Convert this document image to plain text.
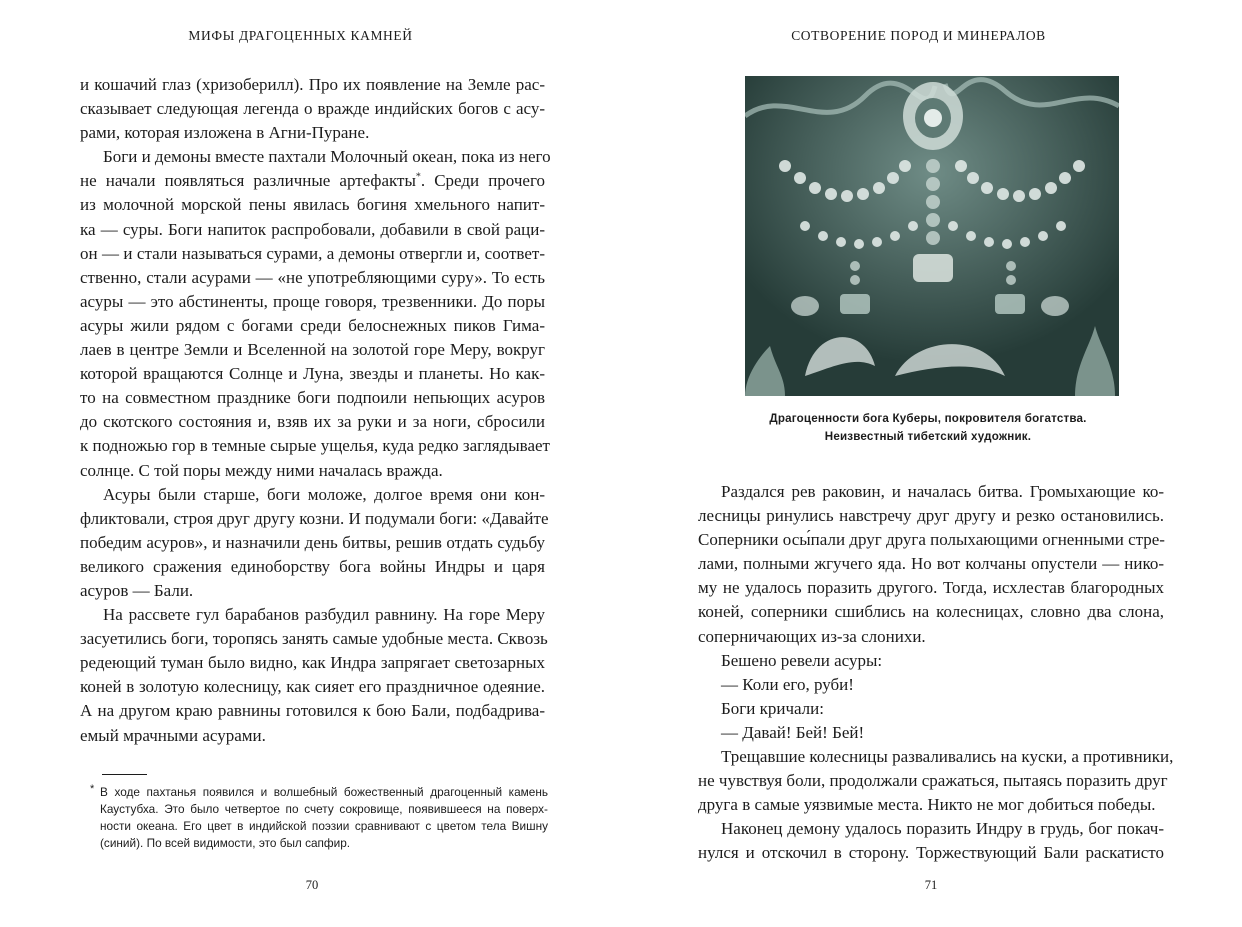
МИФЫ ДРАГОЦЕННЫХ КАМНЕЙ
и кошачий глаз (хризоберилл). Про их появление на Земле рас-
сказывает следующая легенда о вражде индийских богов с асу-
рами, которая изложена в Агни-Пуране.
Боги и демоны вместе пахтали Молочный океан, пока из него
не начали появляться различные артефакты*. Среди прочего
из молочной морской пены явилась богиня хмельного напит-
ка — суры. Боги напиток распробовали, добавили в свой раци-
он — и стали называться сурами, а демоны отвергли и, соответ-
ственно, стали асурами — «не употребляющими суру». То есть
асуры — это абстиненты, проще говоря, трезвенники. До поры
асуры жили рядом с богами среди белоснежных пиков Гима-
лаев в центре Земли и Вселенной на золотой горе Меру, вокруг
которой вращаются Солнце и Луна, звезды и планеты. Но как-
то на совместном празднике боги подпоили непьющих асуров
до скотского состояния и, взяв их за руки и за ноги, сбросили
к подножью гор в темные сырые ущелья, куда редко заглядывает
солнце. С той поры между ними началась вражда.
Асуры были старше, боги моложе, долгое время они кон-
фликтовали, строя друг другу козни. И подумали боги: «Давайте
победим асуров», и назначили день битвы, решив отдать судьбу
великого сражения единоборству бога войны Индры и царя
асуров — Бали.
На рассвете гул барабанов разбудил равнину. На горе Меру
засуетились боги, торопясь занять самые удобные места. Сквозь
редеющий туман было видно, как Индра запрягает светозарных
коней в золотую колесницу, как сияет его праздничное одеяние.
А на другом краю равнины готовился к бою Бали, подбадрива-
емый мрачными асурами.
* В ходе пахтанья появился и волшебный божественный драгоценный камень
Каустубха. Это было четвертое по счету сокровище, появившееся на поверх-
ности океана. Его цвет в индийской поэзии сравнивают с цветом тела Вишну
(синий). По всей видимости, это был сапфир.
70
СОТВОРЕНИЕ ПОРОД И МИНЕРАЛОВ
Драгоценности бога Куберы, покровителя богатства.
Неизвестный тибетский художник.
Раздался рев раковин, и началась битва. Громыхающие ко-
лесницы ринулись навстречу друг другу и резко остановились.
Соперники осы́пали друг друга полыхающими огненными стре-
лами, полными жгучего яда. Но вот колчаны опустели — нико-
му не удалось поразить другого. Тогда, исхлестав благородных
коней, соперники сшиблись на колесницах, словно два слона,
соперничающих из-за слонихи.
Бешено ревели асуры:
— Коли его, руби!
Боги кричали:
— Давай! Бей! Бей!
Трещавшие колесницы разваливались на куски, а противники,
не чувствуя боли, продолжали сражаться, пытаясь поразить друг
друга в самые уязвимые места. Никто не мог добиться победы.
Наконец демону удалось поразить Индру в грудь, бог покач-
нулся и отскочил в сторону. Торжествующий Бали раскатисто
71
